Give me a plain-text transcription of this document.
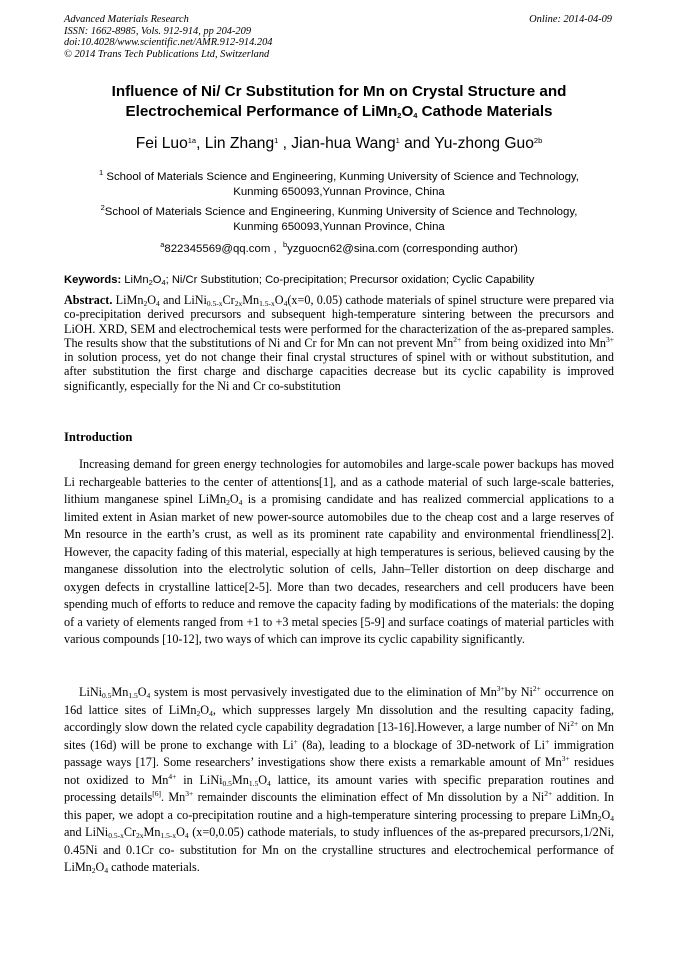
Advanced Materials Research
ISSN: 1662-8985, Vols. 912-914, pp 204-209
doi:10.4028/www.scientific.net/AMR.912-914.204
© 2014 Trans Tech Publications Ltd, Switzerland
Online: 2014-04-09
Influence of Ni/ Cr Substitution for Mn on Crystal Structure and
Electrochemical Performance of $LiMn_2O_4$ Cathode Materials
Fei Luo$^{1a}$, Lin Zhang$^1$ , Jian-hua Wang$^1$ and Yu-zhong Guo$^{2b}$
$^1$ School of Materials Science and Engineering, Kunming University of Science and Technology,
Kunming 650093,Yunnan Province, China
$^2$School of Materials Science and Engineering, Kunming University of Science and Technology,
Kunming 650093,Yunnan Province, China
$^a$822345569@qq.com , $^b$yzguocn62@sina.com (corresponding author)
Keywords: $LiMn_2O_4$; Ni/Cr Substitution; Co-precipitation; Precursor oxidation; Cyclic Capability
Abstract. $LiMn_2O_4$ and $LiNi_{0.5-x}Cr_{2x}Mn_{1.5-x}O_4(x=0$, 0.05) cathode materials of spinel structure were prepared via co-precipitation derived precursors and subsequent high-temperature sintering between the precursors and LiOH. XRD, SEM and electrochemical tests were performed for the characterization of the as-prepared samples. The results show that the substitutions of Ni and Cr for Mn can not prevent $Mn^{2+}$ from being oxidized into $Mn^{3+}$ in solution process, yet do not change their final crystal structures of spinel with or without substitution, and after substitution the first charge and discharge capacities decrease but its cyclic capability is improved significantly, especially for the Ni and Cr co-substitution
Introduction
Increasing demand for green energy technologies for automobiles and large-scale power backups has moved Li rechargeable batteries to the center of attentions[1], and as a cathode material of such large-scale batteries, lithium manganese spinel $LiMn_2O_4$ is a promising candidate and has realized commercial applications to a limited extent in Asian market of new power-source automobiles due to the cheap cost and a large reserves of Mn resource in the earth’s crust, as well as its prominent rate capability and environmental friendliness[2]. However, the capacity fading of this material, especially at high temperatures is serious, believed causing by the manganese dissolution into the electrolytic solution of cells, Jahn–Teller distortion on deep discharge and oxygen defects in crystalline lattice[2-5]. More than two decades, researchers and cell producers have been spending much of efforts to reduce and remove the capacity fading by modifications of the materials: the doping of a variety of elements ranged from +1 to +3 metal species [5-9] and surface coatings of material particles with various compounds [10-12], two ways of which can improve its cyclic capability significantly.
$LiNi_{0.5}Mn_{1.5}O_4$ system is most pervasively investigated due to the elimination of $Mn^{3+}by$ $Ni^{2+}$ occurrence on 16d lattice sites of $LiMn_2O_4$, which suppresses largely Mn dissolution and the resulting capacity fading, accordingly slow down the related cycle capability degradation [13-16].However, a large number of $Ni^{2+}$ on Mn sites (16d) will be prone to exchange with Li+ (8a), leading to a blockage of 3D-network of Li+ immigration passage ways [17]. Some researchers’ investigations show there exists a remarkable amount of $Mn^{3+}$ residues not oxidized to $Mn^{4+}$ in $LiNi_{0.5}Mn_{1.5}O_4$ lattice, its amount varies with specific preparation routines and processing details[6]. $Mn^{3+}$ remainder discounts the elimination effect of Mn dissolution by a $Ni^{2+}$ addition. In this paper, we adopt a co-precipitation routine and a high-temperature sintering processing to prepare $LiMn_2O_4$ and $LiNi_{0.5-x}Cr_{2x}Mn_{1.5-x}O_4$ (x=0,0.05) cathode materials, to study influences of the as-prepared precursors,1/2Ni, 0.45Ni and 0.1Cr co- substitution for Mn on the crystalline structures and electrochemical performance of $LiMn_2O_4$ cathode materials.
